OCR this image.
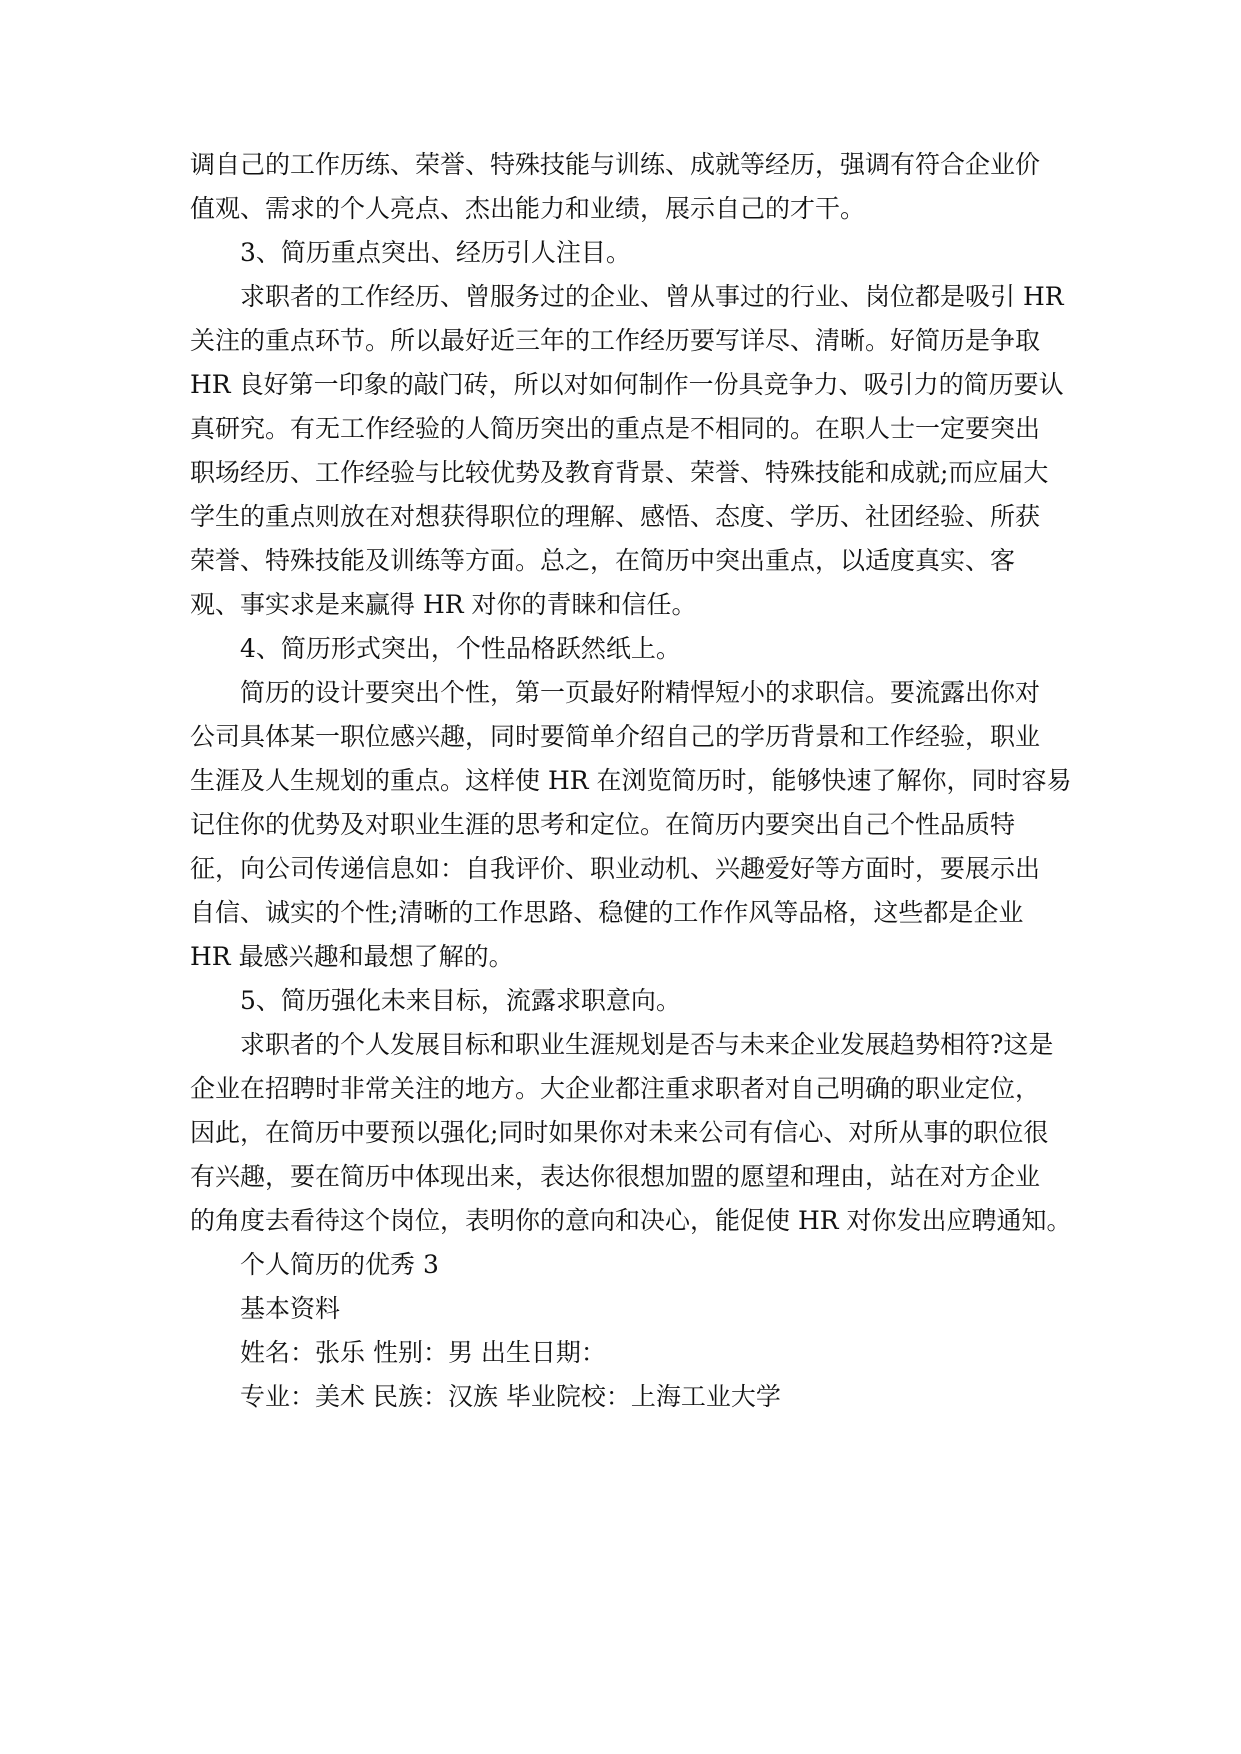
调自己的工作历练、荣誉、特殊技能与训练、成就等经历，强调有符合企业价
值观、需求的个人亮点、杰出能力和业绩，展示自己的才干。
3、简历重点突出、经历引人注目。
求职者的工作经历、曾服务过的企业、曾从事过的行业、岗位都是吸引 HR
关注的重点环节。所以最好近三年的工作经历要写详尽、清晰。好简历是争取
HR 良好第一印象的敲门砖，所以对如何制作一份具竞争力、吸引力的简历要认
真研究。有无工作经验的人简历突出的重点是不相同的。在职人士一定要突出
职场经历、工作经验与比较优势及教育背景、荣誉、特殊技能和成就;而应届大
学生的重点则放在对想获得职位的理解、感悟、态度、学历、社团经验、所获
荣誉、特殊技能及训练等方面。总之，在简历中突出重点，以适度真实、客
观、事实求是来赢得 HR 对你的青睐和信任。
4、简历形式突出，个性品格跃然纸上。
简历的设计要突出个性，第一页最好附精悍短小的求职信。要流露出你对
公司具体某一职位感兴趣，同时要简单介绍自己的学历背景和工作经验，职业
生涯及人生规划的重点。这样使 HR 在浏览简历时，能够快速了解你，同时容易
记住你的优势及对职业生涯的思考和定位。在简历内要突出自己个性品质特
征，向公司传递信息如：自我评价、职业动机、兴趣爱好等方面时，要展示出
自信、诚实的个性;清晰的工作思路、稳健的工作作风等品格，这些都是企业
HR 最感兴趣和最想了解的。
5、简历强化未来目标，流露求职意向。
求职者的个人发展目标和职业生涯规划是否与未来企业发展趋势相符?这是
企业在招聘时非常关注的地方。大企业都注重求职者对自己明确的职业定位，
因此，在简历中要预以强化;同时如果你对未来公司有信心、对所从事的职位很
有兴趣，要在简历中体现出来，表达你很想加盟的愿望和理由，站在对方企业
的角度去看待这个岗位，表明你的意向和决心，能促使 HR 对你发出应聘通知。
个人简历的优秀 3
基本资料
姓名：张乐 性别：男 出生日期：
专业：美术 民族：汉族 毕业院校：上海工业大学
